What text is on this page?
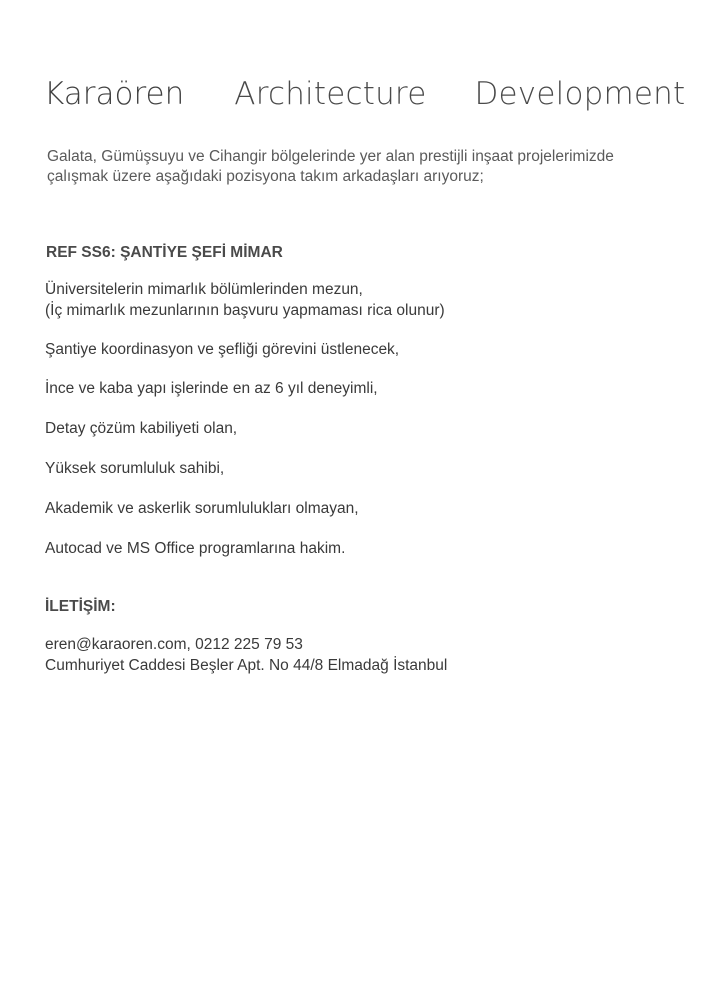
Karaören Architecture Development

Galata, Gümüşsuyu ve Cihangir bölgelerinde yer alan prestijli inşaat projelerimizde

çalışmak üzere aşağıdaki pozisyona takım arkadaşları arıyoruz;

REF SS6: ŞANTİYE ŞEFİ MİMAR
Üniversitelerin mimarlık bölümlerinden mezun,
(İç mimarlık mezunlarının başvuru yapmaması rica olunur)

Şantiye koordinasyon ve şefliği görevini üstlenecek,

İnce ve kaba yapı işlerinde en az 6 yıl deneyimli,

Detay çözüm kabiliyeti olan,

Yüksek sorumluluk sahibi,

Akademik ve askerlik sorumlulukları olmayan,

Autocad ve MS Office programlarına hakim.

İLETİŞİM:

eren@karaoren.com, 0212 225 79 53

Cumhuriyet Caddesi Beşler Apt. No 44/8 Elmadağ İstanbul
